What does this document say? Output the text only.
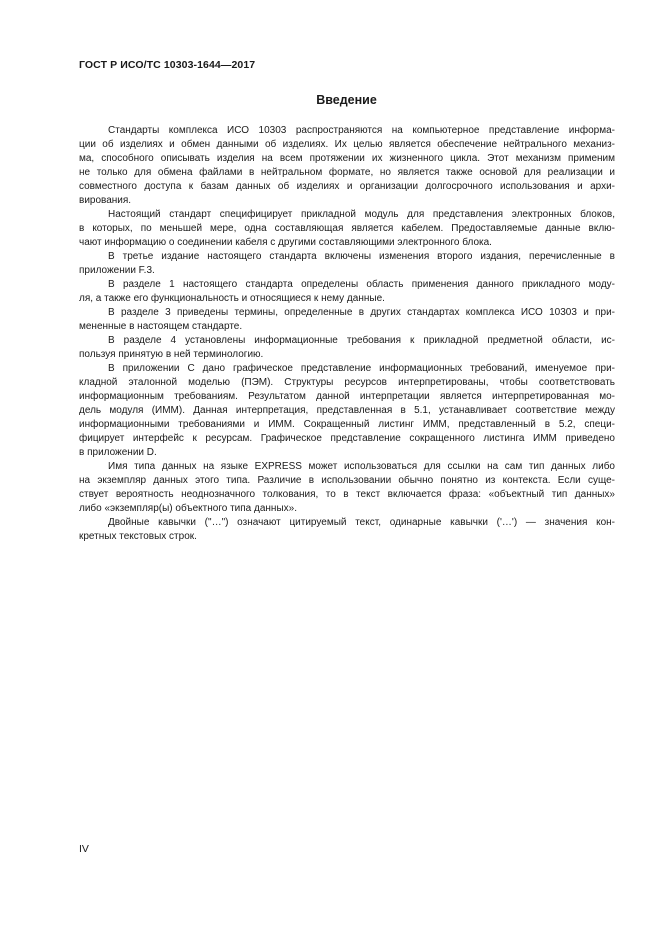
ГОСТ Р ИСО/ТС 10303-1644—2017
Введение
Стандарты комплекса ИСО 10303 распространяются на компьютерное представление информа-
ции об изделиях и обмен данными об изделиях. Их целью является обеспечение нейтрального механиз-
ма, способного описывать изделия на всем протяжении их жизненного цикла. Этот механизм применим
не только для обмена файлами в нейтральном формате, но является также основой для реализации и
совместного доступа к базам данных об изделиях и организации долгосрочного использования и архи-
вирования.
Настоящий стандарт специфицирует прикладной модуль для представления электронных блоков,
в которых, по меньшей мере, одна составляющая является кабелем. Предоставляемые данные вклю-
чают информацию о соединении кабеля с другими составляющими электронного блока.
В третье издание настоящего стандарта включены изменения второго издания, перечисленные в
приложении F.3.
В разделе 1 настоящего стандарта определены область применения данного прикладного моду-
ля, а также его функциональность и относящиеся к нему данные.
В разделе 3 приведены термины, определенные в других стандартах комплекса ИСО 10303 и при-
мененные в настоящем стандарте.
В разделе 4 установлены информационные требования к прикладной предметной области, ис-
пользуя принятую в ней терминологию.
В приложении С дано графическое представление информационных требований, именуемое при-
кладной эталонной моделью (ПЭМ). Структуры ресурсов интерпретированы, чтобы соответствовать
информационным требованиям. Результатом данной интерпретации является интерпретированная мо-
дель модуля (ИММ). Данная интерпретация, представленная в 5.1, устанавливает соответствие между
информационными требованиями и ИММ. Сокращенный листинг ИММ, представленный в 5.2, специ-
фицирует интерфейс к ресурсам. Графическое представление сокращенного листинга ИММ приведено
в приложении D.
Имя типа данных на языке EXPRESS может использоваться для ссылки на сам тип данных либо
на экземпляр данных этого типа. Различие в использовании обычно понятно из контекста. Если суще-
ствует вероятность неоднозначного толкования, то в текст включается фраза: «объектный тип данных»
либо «экземпляр(ы) объектного типа данных».
Двойные кавычки ("…") означают цитируемый текст, одинарные кавычки ('…') — значения кон-
кретных текстовых строк.
IV
